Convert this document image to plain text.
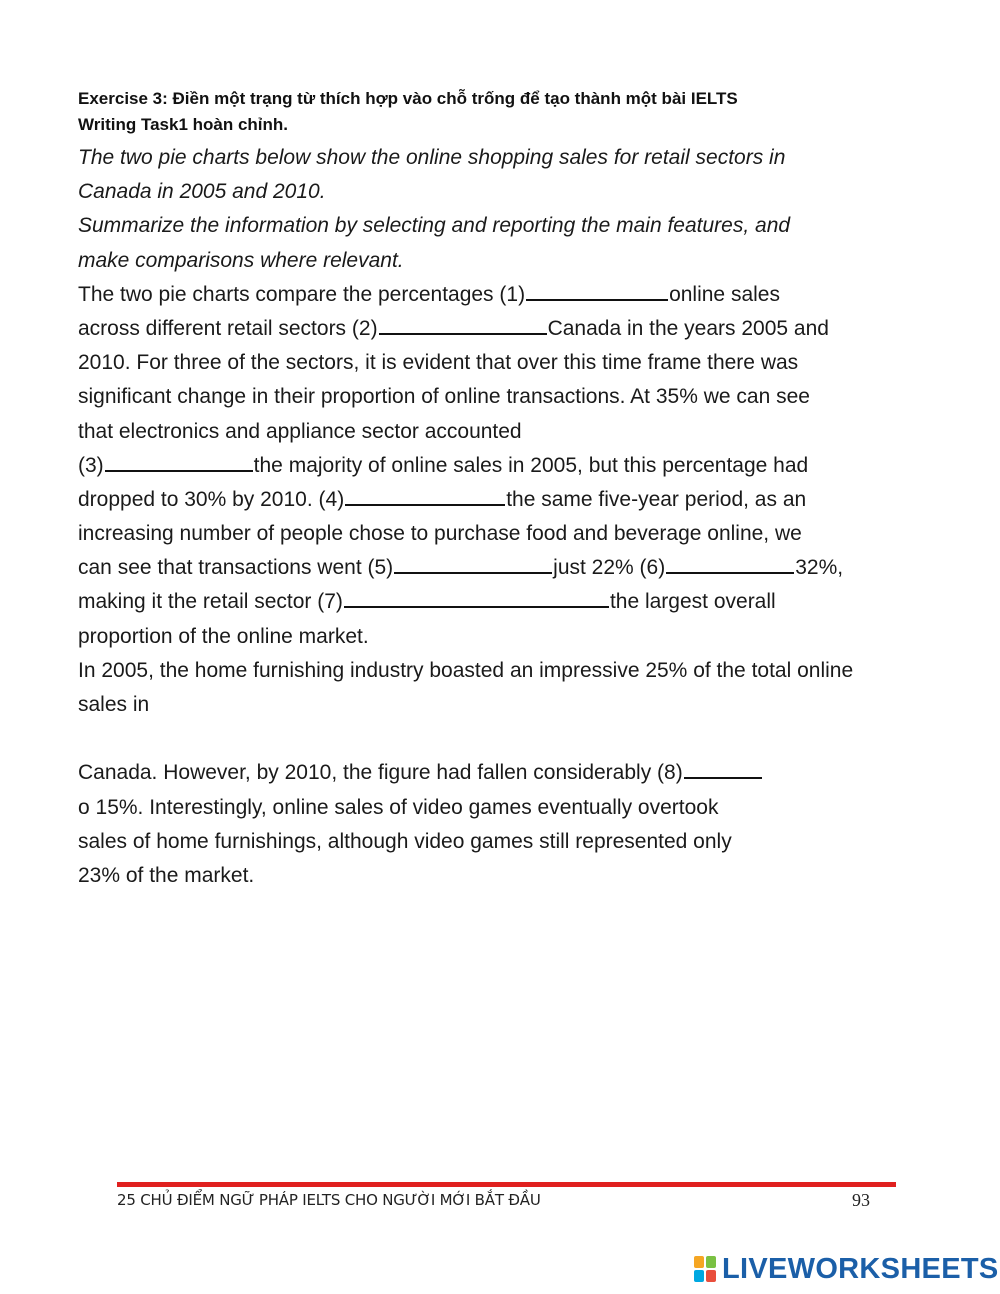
Exercise 3: Điền một trạng từ thích hợp vào chỗ trống để tạo thành một bài IELTS
Writing Task1 hoàn chỉnh.
The two pie charts below show the online shopping sales for retail sectors in
Canada in 2005 and 2010.
Summarize the information by selecting and reporting the main features, and
make comparisons where relevant.
The two pie charts compare the percentages (1)	online sales
across different retail sectors (2)	Canada in the years 2005 and
2010. For three of the sectors, it is evident that over this time frame there was
significant change in their proportion of online transactions. At 35% we can see
that electronics and appliance sector accounted
(3)	the majority of online sales in 2005, but this percentage had
dropped to 30% by 2010. (4)	the same five-year period, as an
increasing number of people chose to purchase food and beverage online, we
can see that transactions went (5)	just 22% (6)	32%,
making it the retail sector (7)	the largest overall
proportion of the online market.
In 2005, the home furnishing industry boasted an impressive 25% of the total online
sales in
Canada. However, by 2010, the figure had fallen considerably (8)
o 15%. Interestingly, online sales of video games eventually overtook
sales of home furnishings, although video games still represented only
23% of the market.
25 CHỦ ĐIỂM NGỮ PHÁP IELTS CHO NGƯỜI MỚI BẮT ĐẦU	93
LIVEWORKSHEETS
